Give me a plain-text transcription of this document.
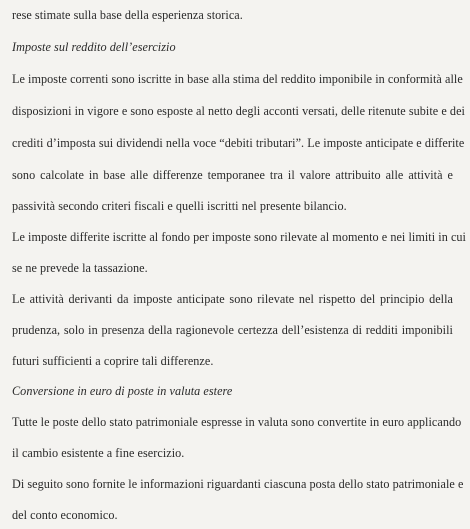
rese stimate sulla base della esperienza storica.
Imposte sul reddito dell’esercizio
Le imposte correnti sono iscritte in base alla stima del reddito imponibile in conformità alle
disposizioni in vigore e sono esposte al netto degli acconti versati, delle ritenute subite e dei
crediti d’imposta sui dividendi nella voce “debiti tributari”. Le imposte anticipate e differite
sono calcolate in base alle differenze temporanee tra il valore attribuito alle attività e
passività secondo criteri fiscali e quelli iscritti nel presente bilancio.
Le imposte differite iscritte al fondo per imposte sono rilevate al momento e nei limiti in cui
se ne prevede la tassazione.
Le attività derivanti da imposte anticipate sono rilevate nel rispetto del principio della
prudenza, solo in presenza della ragionevole certezza dell’esistenza di redditi imponibili
futuri sufficienti a coprire tali differenze.
Conversione in euro di poste in valuta estere
Tutte le poste dello stato patrimoniale espresse in valuta sono convertite in euro applicando
il cambio esistente a fine esercizio.
Di seguito sono fornite le informazioni riguardanti ciascuna posta dello stato patrimoniale e
del conto economico.
